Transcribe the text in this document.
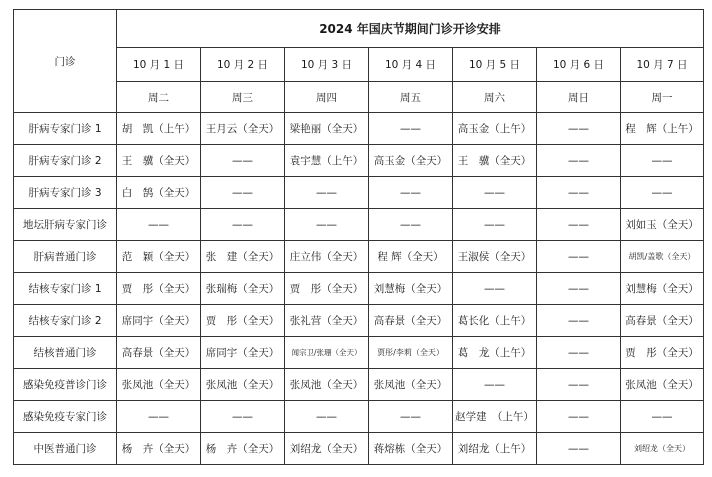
门诊	2024 年国庆节期间门诊开诊安排						
	10 月 1 日	10 月 2 日	10 月 3 日	10 月 4 日	10 月 5 日	10 月 6 日	10 月 7 日
	周二	周三	周四	周五	周六	周日	周一
肝病专家门诊 1	胡　凯（上午）	王月云（全天）	梁艳丽（全天）	——	高玉金（上午）	——	程　辉（上午）
肝病专家门诊 2	王　骥（全天）	——	袁宇慧（上午）	高玉金（全天）	王　骥（全天）	——	——
肝病专家门诊 3	白　鹄（全天）	——	——	——	——	——	——
地坛肝病专家门诊	——	——	——	——	——	——	刘如玉（全天）
肝病普通门诊	范　颖（全天）	张　建（全天）	庄立伟（全天）	程 辉（全天）	王淑侯（全天）	——	胡凯/盖歌（全天）
结核专家门诊 1	贾　彤（全天）	张瑞梅（全天）	贾　彤（全天）	刘慧梅（全天）	——	——	刘慧梅（全天）
结核专家门诊 2	席同宇（全天）	贾　彤（全天）	张礼营（全天）	高春景（全天）	葛长化（上午）	——	高春景（全天）
结核普通门诊	高春景（全天）	席同宇（全天）	闻宗卫/张珊（全天）	贾彤/李莉（全天）	葛　龙（上午）	——	贾　彤（全天）
感染免疫普诊门诊	张凤池（全天）	张凤池（全天）	张凤池（全天）	张凤池（全天）	——	——	张凤池（全天）
感染免疫专家门诊	——	——	——	——	赵学建　（上午）	——	——
中医普通门诊	杨　卉（全天）	杨　卉（全天）	刘绍龙（全天）	蒋熔栋（全天）	刘绍龙（上午）	——	刘绍龙（全天）
